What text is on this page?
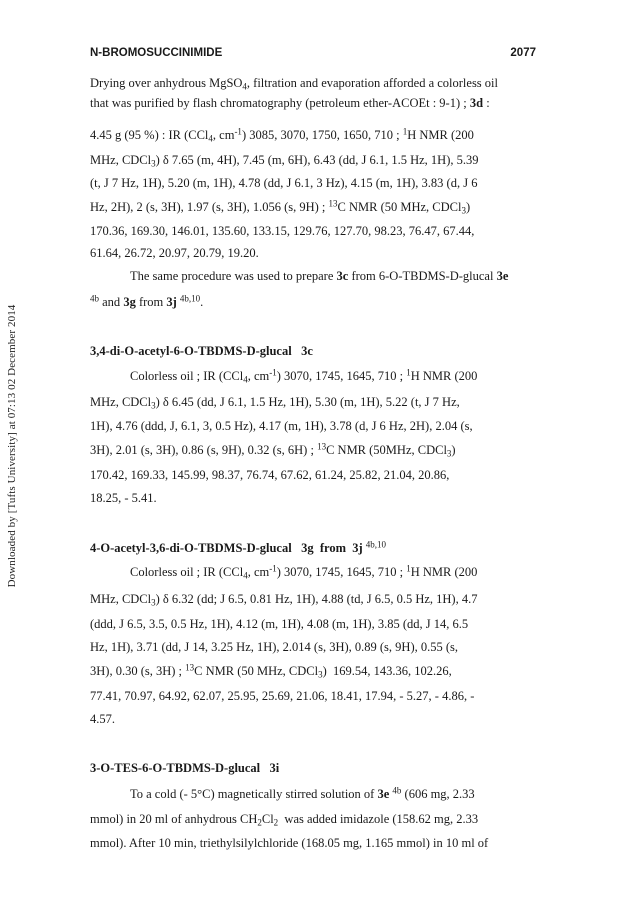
Downloaded by [Tufts University] at 07:13 02 December 2014
N-BROMOSUCCINIMIDE	2077
Drying over anhydrous MgSO$_4$, filtration and evaporation afforded a colorless oil
that was purified by flash chromatography (petroleum ether-ACOEt : 9-1) ; 3d :
4.45 g (95 %) : IR (CCl$_4$, $cm^{-1}$) 3085, 3070, 1750, 1650, 710 ; $^1$H NMR (200
MHz, CDCl$_3$) δ 7.65 (m, 4H), 7.45 (m, 6H), 6.43 (dd, J 6.1, 1.5 Hz, 1H), 5.39
(t, J 7 Hz, 1H), 5.20 (m, 1H), 4.78 (dd, J 6.1, 3 Hz), 4.15 (m, 1H), 3.83 (d, J 6
Hz, 2H), 2 (s, 3H), 1.97 (s, 3H), 1.056 (s, 9H) ; $^{13}$C NMR (50 MHz, CDCl$_3$)
170.36, 169.30, 146.01, 135.60, 133.15, 129.76, 127.70, 98.23, 76.47, 67.44,
61.64, 26.72, 20.97, 20.79, 19.20.
The same procedure was used to prepare 3c from 6-O-TBDMS-D-glucal 3e
$^{4b}$ and 3g from 3j $^{4b,10}$.
3,4-di-O-acetyl-6-O-TBDMS-D-glucal 3c
Colorless oil ; IR (CCl$_4$, $cm^{-1}$) 3070, 1745, 1645, 710 ; $^1$H NMR (200
MHz, CDCl$_3$) δ 6.45 (dd, J 6.1, 1.5 Hz, 1H), 5.30 (m, 1H), 5.22 (t, J 7 Hz,
1H), 4.76 (ddd, J, 6.1, 3, 0.5 Hz), 4.17 (m, 1H), 3.78 (d, J 6 Hz, 2H), 2.04 (s,
3H), 2.01 (s, 3H), 0.86 (s, 9H), 0.32 (s, 6H) ; $^{13}$C NMR (50MHz, CDCl$_3$)
170.42, 169.33, 145.99, 98.37, 76.74, 67.62, 61.24, 25.82, 21.04, 20.86,
18.25, - 5.41.
4-O-acetyl-3,6-di-O-TBDMS-D-glucal 3g from 3j $^{4b,10}$
Colorless oil ; IR (CCl$_4$, $cm^{-1}$) 3070, 1745, 1645, 710 ; $^1$H NMR (200
MHz, CDCl$_3$) δ 6.32 (dd; J 6.5, 0.81 Hz, 1H), 4.88 (td, J 6.5, 0.5 Hz, 1H), 4.7
(ddd, J 6.5, 3.5, 0.5 Hz, 1H), 4.12 (m, 1H), 4.08 (m, 1H), 3.85 (dd, J 14, 6.5
Hz, 1H), 3.71 (dd, J 14, 3.25 Hz, 1H), 2.014 (s, 3H), 0.89 (s, 9H), 0.55 (s,
3H), 0.30 (s, 3H) ; $^{13}$C NMR (50 MHz, CDCl$_3$)  169.54, 143.36, 102.26,
77.41, 70.97, 64.92, 62.07, 25.95, 25.69, 21.06, 18.41, 17.94, - 5.27, - 4.86, -
4.57.
3-O-TES-6-O-TBDMS-D-glucal 3i
To a cold (- 5°C) magnetically stirred solution of 3e $^{4b}$ (606 mg, 2.33
mmol) in 20 ml of anhydrous $CH_2Cl_2$  was added imidazole (158.62 mg, 2.33
mmol). After 10 min, triethylsilylchloride (168.05 mg, 1.165 mmol) in 10 ml of
